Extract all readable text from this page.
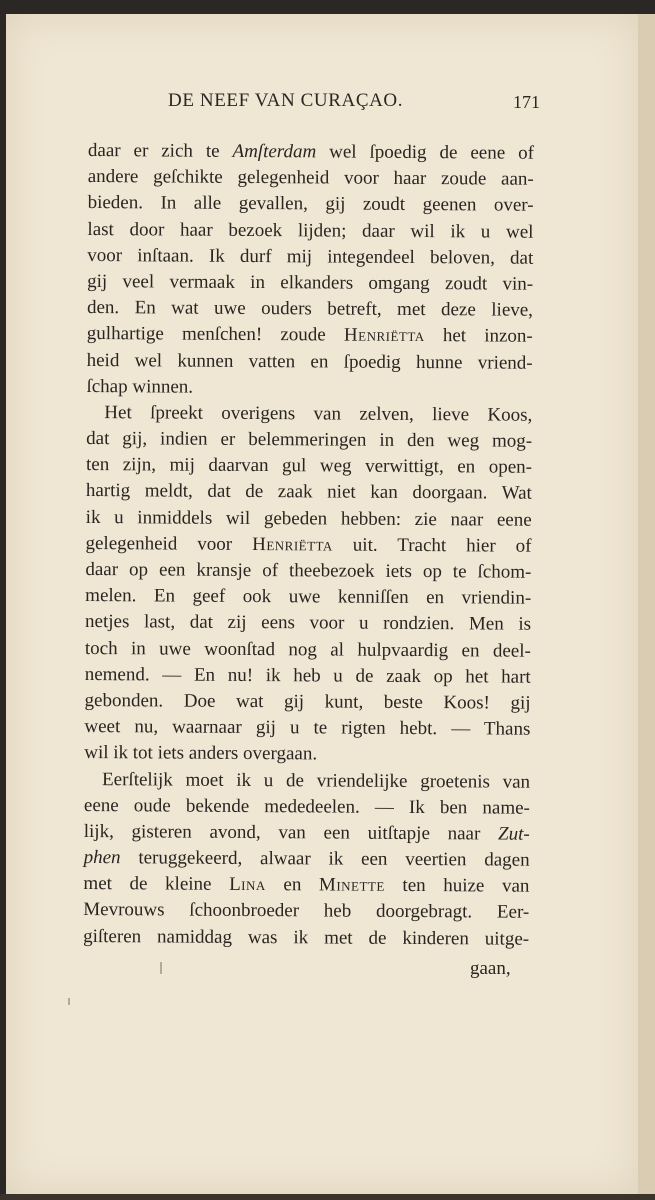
DE NEEF VAN CURAÇAO.	171
daar er zich te Amſterdam wel ſpoedig de eene of
andere geſchikte gelegenheid voor haar zoude aan-
bieden. In alle gevallen, gij zoudt geenen over-
last door haar bezoek lijden; daar wil ik u wel
voor inſtaan. Ik durf mij integendeel beloven, dat
gij veel vermaak in elkanders omgang zoudt vin-
den. En wat uwe ouders betreft, met deze lieve,
gulhartige menſchen! zoude Henriëtta het inzon-
heid wel kunnen vatten en ſpoedig hunne vriend-
ſchap winnen.
Het ſpreekt overigens van zelven, lieve Koos,
dat gij, indien er belemmeringen in den weg mog-
ten zijn, mij daarvan gul weg verwittigt, en open-
hartig meldt, dat de zaak niet kan doorgaan. Wat
ik u inmiddels wil gebeden hebben: zie naar eene
gelegenheid voor Henriëtta uit. Tracht hier of
daar op een kransje of theebezoek iets op te ſchom-
melen. En geef ook uwe kenniſſen en vriendin-
netjes last, dat zij eens voor u rondzien. Men is
toch in uwe woonſtad nog al hulpvaardig en deel-
nemend. — En nu! ik heb u de zaak op het hart
gebonden. Doe wat gij kunt, beste Koos! gij
weet nu, waarnaar gij u te rigten hebt. — Thans
wil ik tot iets anders overgaan.
Eerſtelijk moet ik u de vriendelijke groetenis van
eene oude bekende mededeelen. — Ik ben name-
lijk, gisteren avond, van een uitſtapje naar Zut-
phen teruggekeerd, alwaar ik een veertien dagen
met de kleine Lina en Minette ten huize van
Mevrouws ſchoonbroeder heb doorgebragt. Eer-
giſteren namiddag was ik met de kinderen uitge-
gaan,
